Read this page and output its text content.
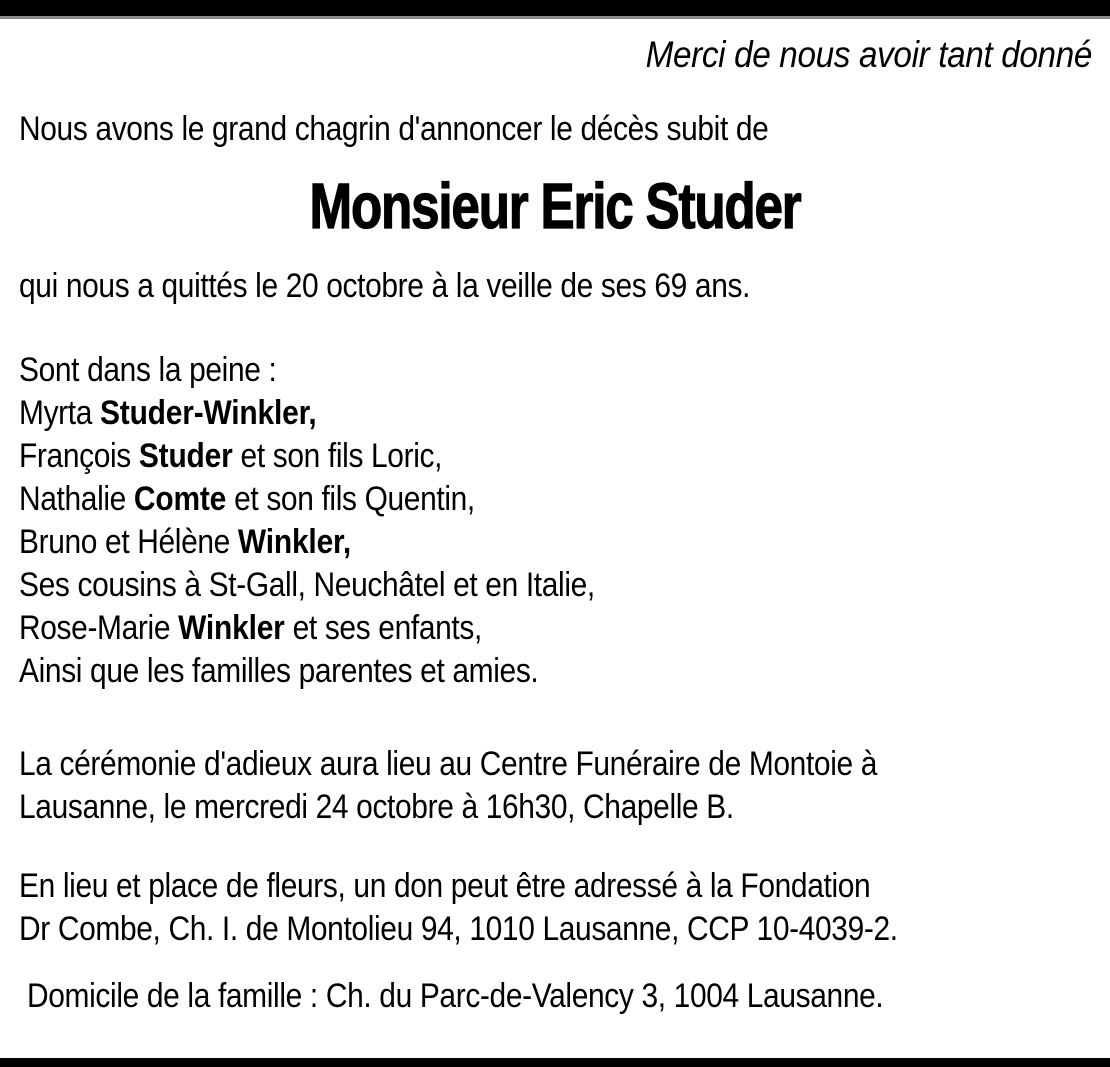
Merci de nous avoir tant donné
Nous avons le grand chagrin d'annoncer le décès subit de
Monsieur Eric Studer
qui nous a quittés le 20 octobre à la veille de ses 69 ans.
Sont dans la peine :
Myrta Studer-Winkler,
François Studer et son fils Loric,
Nathalie Comte et son fils Quentin,
Bruno et Hélène Winkler,
Ses cousins à St-Gall, Neuchâtel et en Italie,
Rose-Marie Winkler et ses enfants,
Ainsi que les familles parentes et amies.
La cérémonie d'adieux aura lieu au Centre Funéraire de Montoie à
Lausanne, le mercredi 24 octobre à 16h30, Chapelle B.
En lieu et place de fleurs, un don peut être adressé à la Fondation
Dr Combe, Ch. I. de Montolieu 94, 1010 Lausanne, CCP 10-4039-2.
Domicile de la famille : Ch. du Parc-de-Valency 3, 1004 Lausanne.
